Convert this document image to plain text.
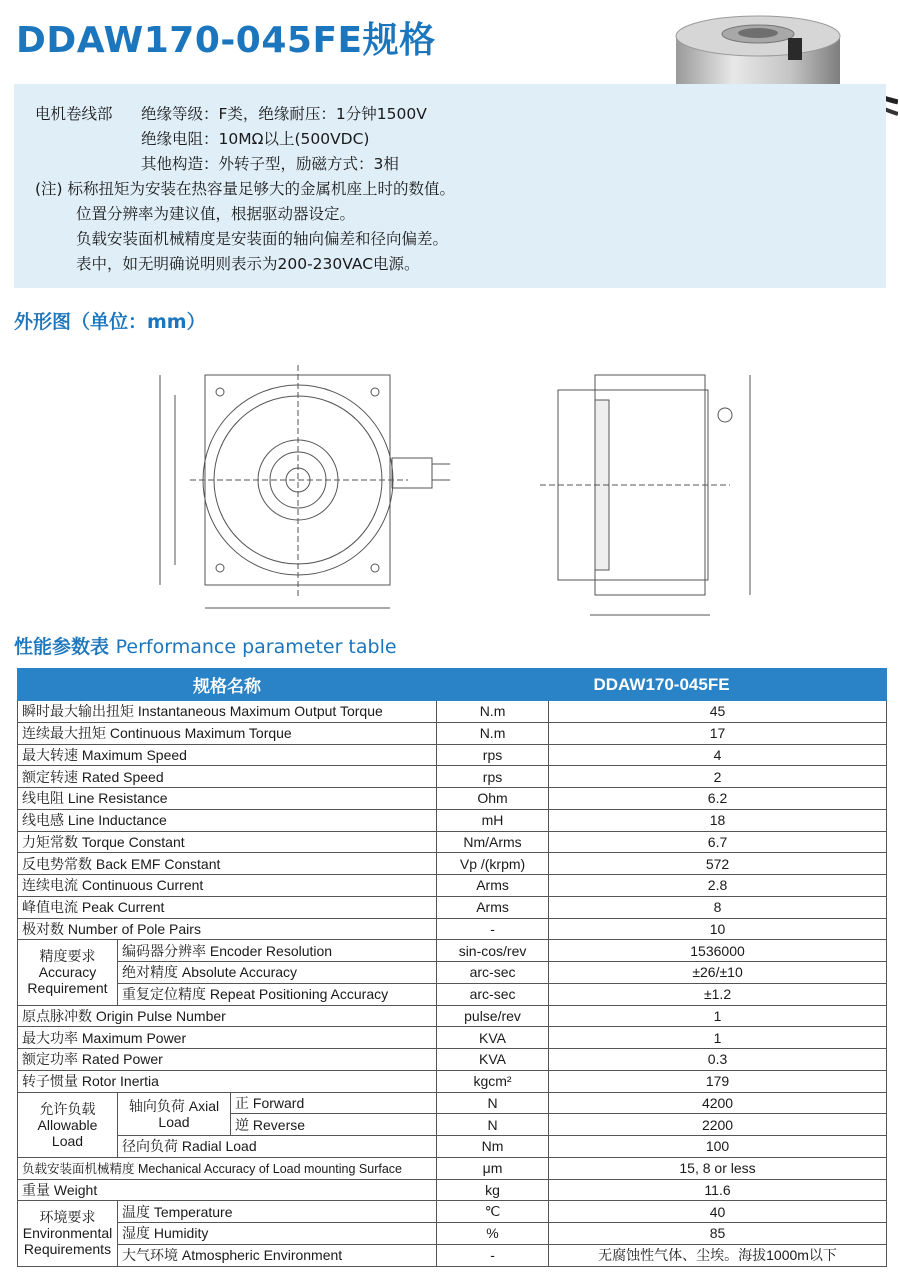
DDAW170-045FE规格
电机卷线部 绝缘等级：F类，绝缘耐压：1分钟1500V
绝缘电阻：10MΩ以上(500VDC)
其他构造：外转子型，励磁方式：3相
(注) 标称扭矩为安装在热容量足够大的金属机座上时的数值。
位置分辨率为建议值，根据驱动器设定。
负载安装面机械精度是安装面的轴向偏差和径向偏差。
表中，如无明确说明则表示为200-230VAC电源。
外形图（单位：mm）
性能参数表 Performance parameter table
规格名称			DDAW170-045FE	
瞬时最大输出扭矩 Instantaneous Maximum Output Torque			N.m	45
连续最大扭矩 Continuous Maximum Torque			N.m	17
最大转速 Maximum Speed			rps	4
额定转速 Rated Speed			rps	2
线电阻 Line Resistance			Ohm	6.2
线电感 Line Inductance			mH	18
力矩常数 Torque Constant			Nm/Arms	6.7
反电势常数 Back EMF Constant			Vp /(krpm)	572
连续电流 Continuous Current			Arms	2.8
峰值电流 Peak Current			Arms	8
极对数 Number of Pole Pairs			-	10
精度要求 Accuracy Requirement	编码器分辨率 Encoder Resolution		sin-cos/rev	1536000
	绝对精度 Absolute Accuracy		arc-sec	±26/±10
	重复定位精度 Repeat Positioning Accuracy		arc-sec	±1.2
原点脉冲数 Origin Pulse Number			pulse/rev	1
最大功率 Maximum Power			KVA	1
额定功率 Rated Power			KVA	0.3
转子惯量 Rotor Inertia			kgcm²	179
允许负载 Allowable Load	轴向负荷 Axial Load	正 Forward	N	4200
		逆 Reverse	N	2200
	径向负荷 Radial Load		Nm	100
负载安装面机械精度 Mechanical Accuracy of Load mounting Surface			μm	15, 8 or less
重量 Weight			kg	11.6
环境要求 Environmental Requirements	温度 Temperature		℃	40
	湿度 Humidity		%	85
	大气环境 Atmospheric Environment		-	无腐蚀性气体、尘埃。海拔1000m以下
